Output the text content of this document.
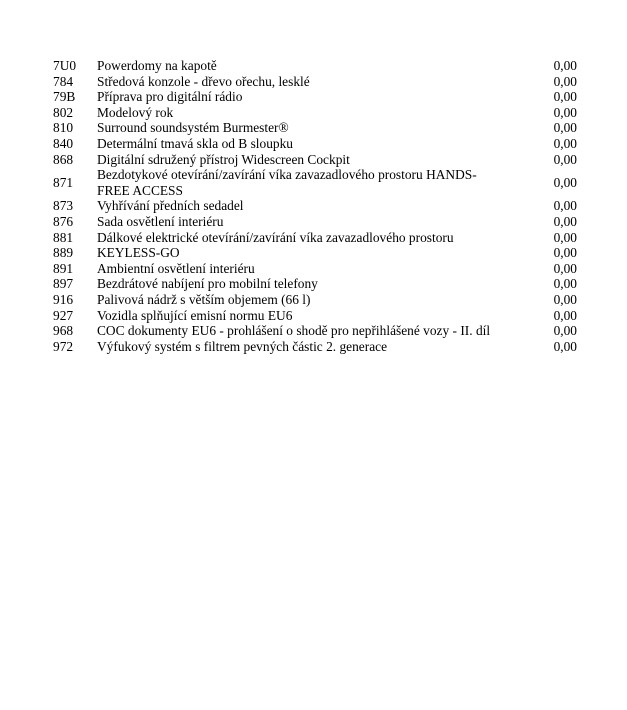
7U0	Powerdomy na kapotě	0,00
784	Středová konzole - dřevo ořechu, lesklé	0,00
79B	Příprava pro digitální rádio	0,00
802	Modelový rok	0,00
810	Surround soundsystém Burmester®	0,00
840	Determální tmavá skla od B sloupku	0,00
868	Digitální sdružený přístroj Widescreen Cockpit	0,00
871	Bezdotykové otevírání/zavírání víka zavazadlového prostoru HANDS-FREE ACCESS	0,00
873	Vyhřívání předních sedadel	0,00
876	Sada osvětlení interiéru	0,00
881	Dálkové elektrické otevírání/zavírání víka zavazadlového prostoru	0,00
889	KEYLESS-GO	0,00
891	Ambientní osvětlení interiéru	0,00
897	Bezdrátové nabíjení pro mobilní telefony	0,00
916	Palivová nádrž s větším objemem (66 l)	0,00
927	Vozidla splňující emisní normu EU6	0,00
968	COC dokumenty EU6 - prohlášení o shodě pro nepřihlášené vozy - II. díl	0,00
972	Výfukový systém s filtrem pevných částic 2. generace	0,00
